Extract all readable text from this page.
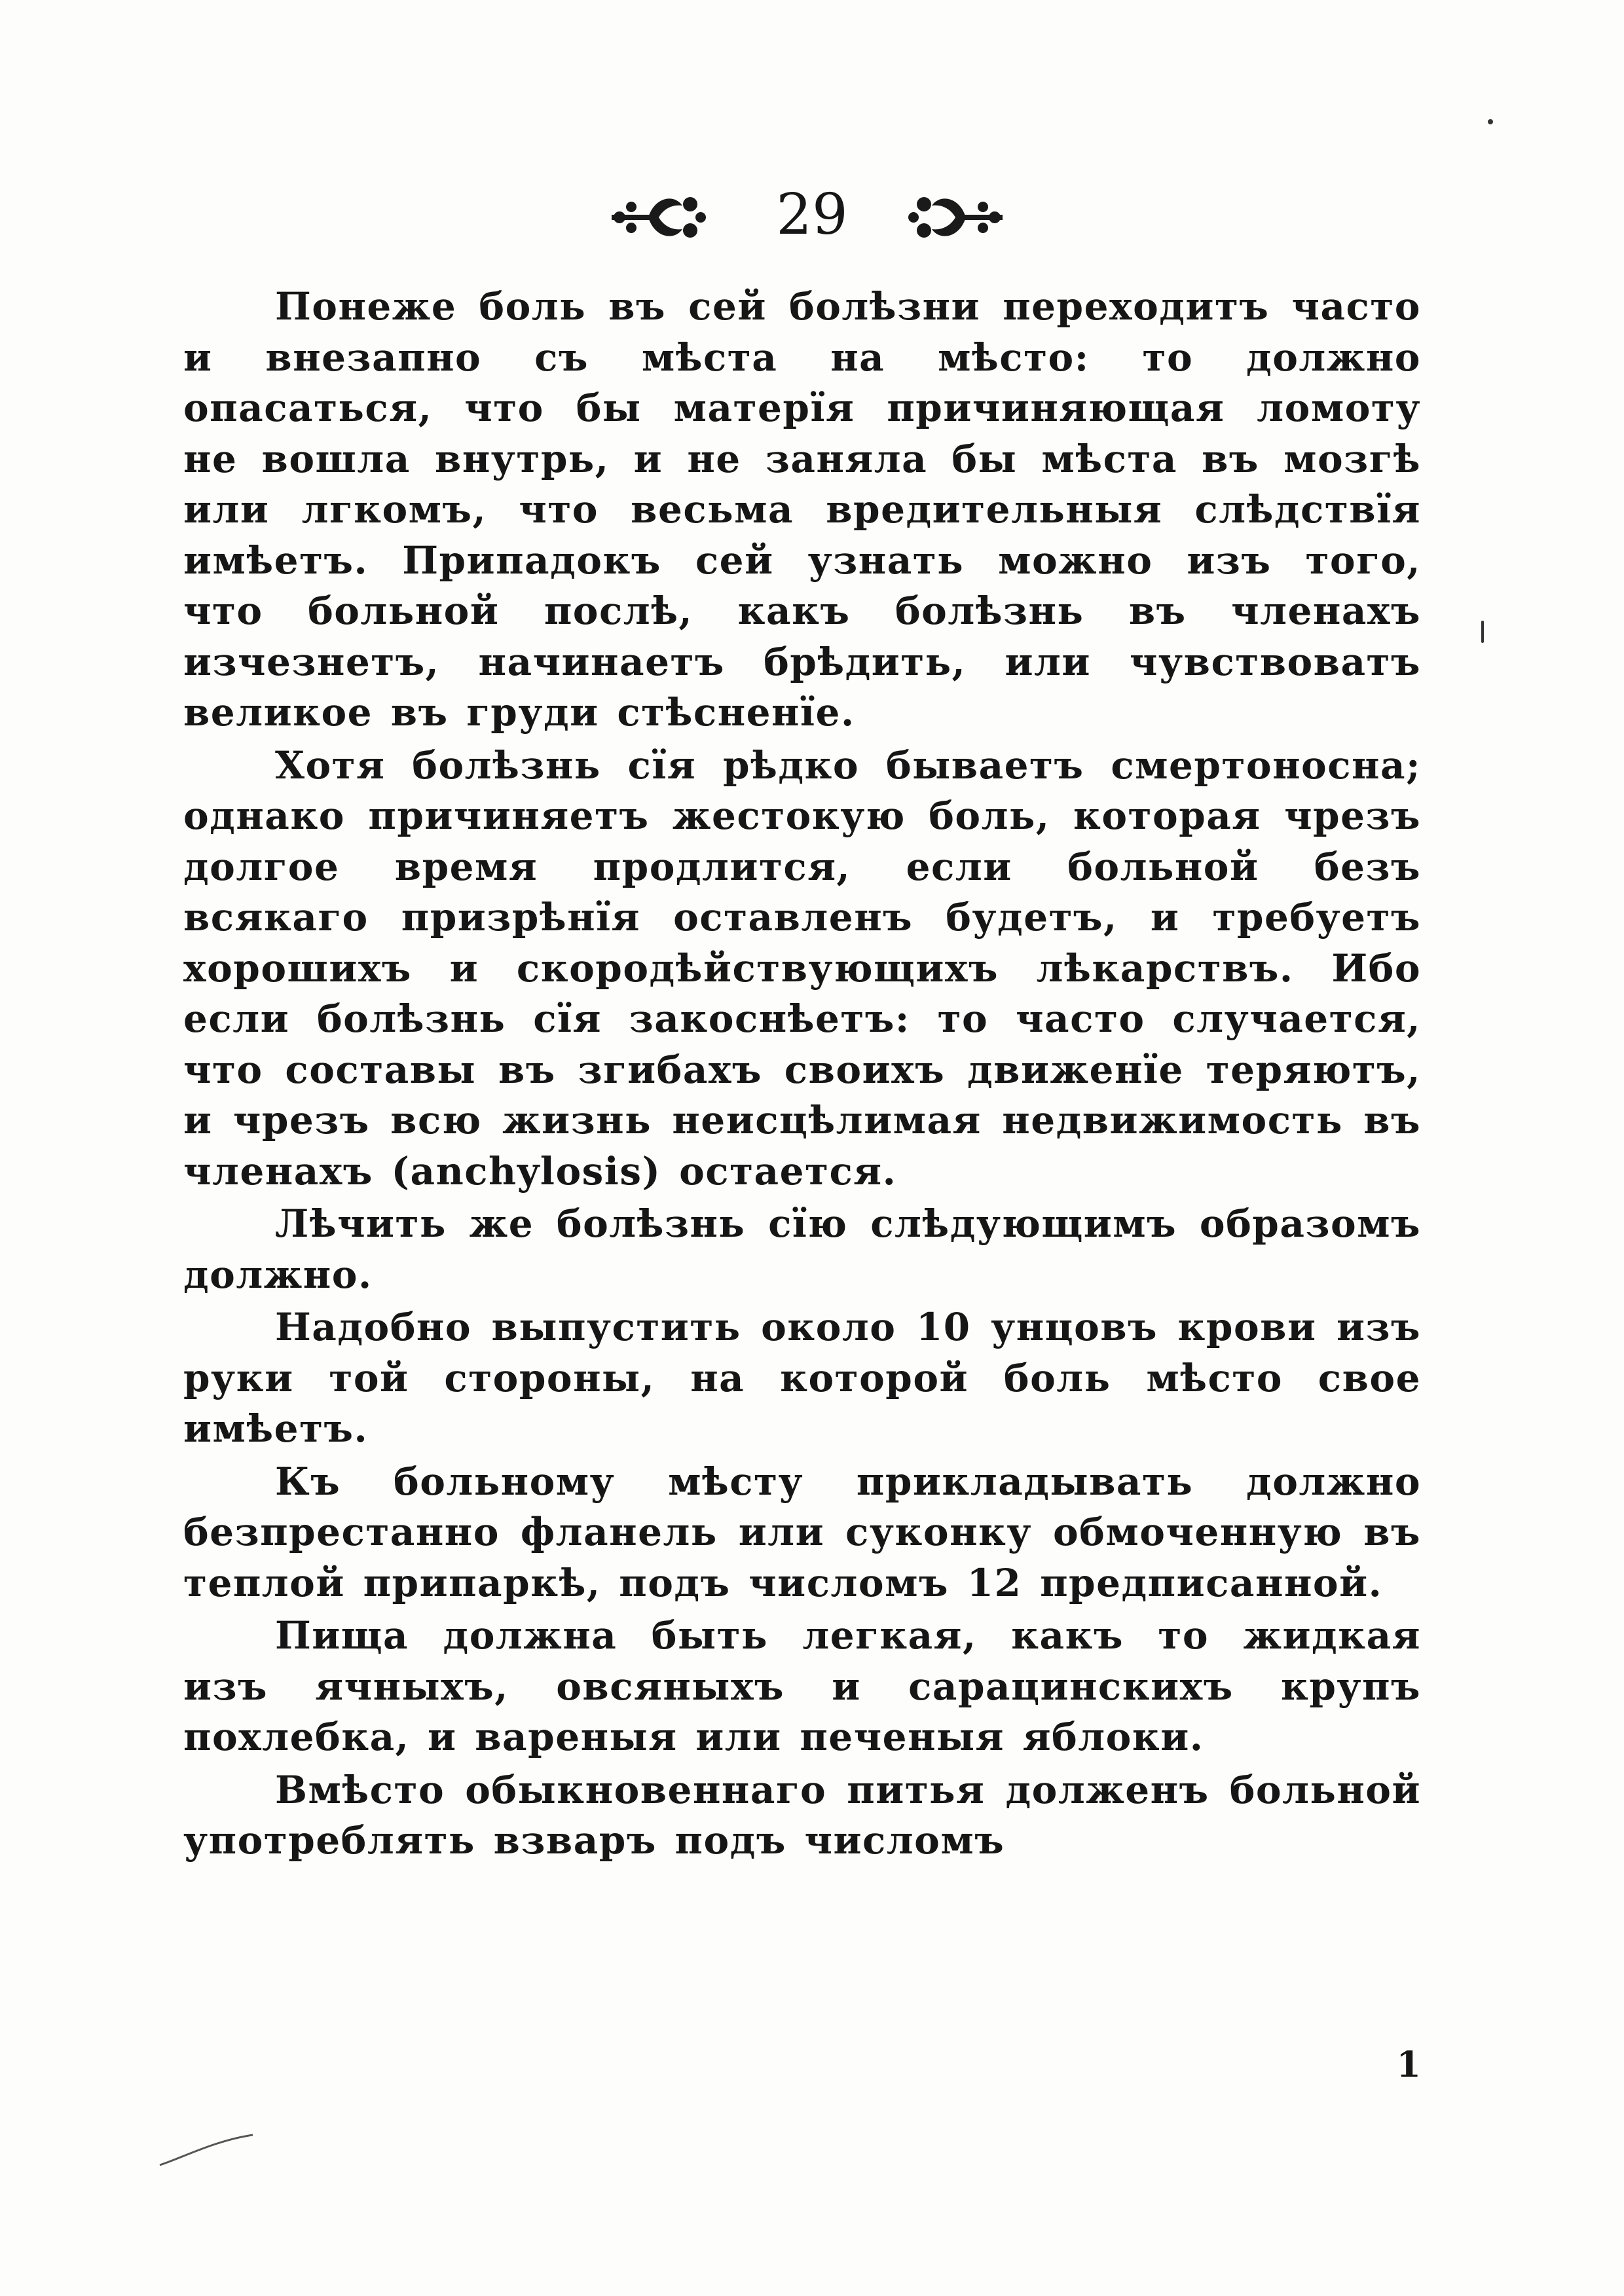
29

Понеже боль въ сей болѣзни переходитъ часто и внезапно съ мѣста на мѣсто: то должно опасаться, что бы матерїя причиняющая ломоту не вошла внутрь, и не заняла бы мѣста въ мозгѣ или лгкомъ, что весьма вредительныя слѣдствїя имѣетъ. Припадокъ сей узнать можно изъ того, что больной послѣ, какъ болѣзнь въ членахъ изчезнетъ, начинаетъ брѣдить, или чувствоватъ великое въ груди стѣсненїе.

Хотя болѣзнь сїя рѣдко бываетъ смертоносна; однако причиняетъ жестокую боль, которая чрезъ долгое время продлится, если больной безъ всякаго призрѣнїя оставленъ будетъ, и требуетъ хорошихъ и скородѣйствующихъ лѣкарствъ. Ибо если болѣзнь сїя закоснѣетъ: то часто случается, что составы въ згибахъ своихъ движенїе теряютъ, и чрезъ всю жизнь неисцѣлимая недвижимость въ членахъ (anchylosis) остается.

Лѣчить же болѣзнь сїю слѣдующимъ образомъ должно.

Надобно выпустить около 10 унцовъ крови изъ руки той стороны, на которой боль мѣсто свое имѣетъ.

Къ больному мѣсту прикладывать должно безпрестанно фланель или суконку обмоченную въ теплой припаркѣ, подъ числомъ 12 предписанной.

Пища должна быть легкая, какъ то жидкая изъ ячныхъ, овсяныхъ и сарацинскихъ крупъ похлебка, и вареныя или печеныя яблоки.

Вмѣсто обыкновеннаго питья долженъ больной употреблять взваръ подъ числомъ

1
